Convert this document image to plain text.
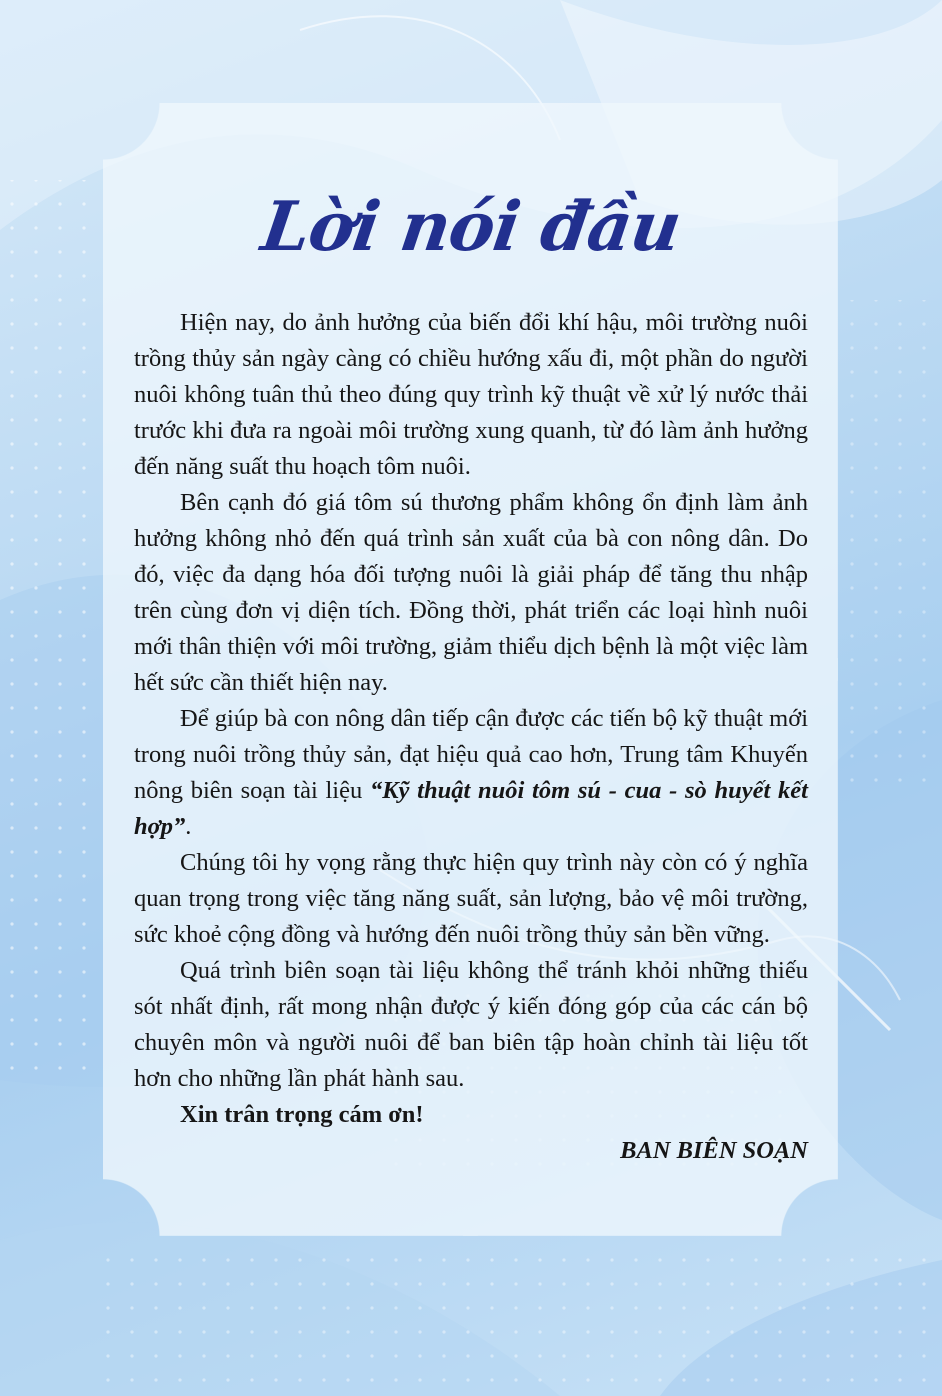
Lời nói đầu

Hiện nay, do ảnh hưởng của biến đổi khí hậu, môi trường nuôi trồng thủy sản ngày càng có chiều hướng xấu đi, một phần do người nuôi không tuân thủ theo đúng quy trình kỹ thuật về xử lý nước thải trước khi đưa ra ngoài môi trường xung quanh, từ đó làm ảnh hưởng đến năng suất thu hoạch tôm nuôi.

Bên cạnh đó giá tôm sú thương phẩm không ổn định làm ảnh hưởng không nhỏ đến quá trình sản xuất của bà con nông dân. Do đó, việc đa dạng hóa đối tượng nuôi là giải pháp để tăng thu nhập trên cùng đơn vị diện tích. Đồng thời, phát triển các loại hình nuôi mới thân thiện với môi trường, giảm thiểu dịch bệnh là một việc làm hết sức cần thiết hiện nay.

Để giúp bà con nông dân tiếp cận được các tiến bộ kỹ thuật mới trong nuôi trồng thủy sản, đạt hiệu quả cao hơn, Trung tâm Khuyến nông biên soạn tài liệu “Kỹ thuật nuôi tôm sú - cua - sò huyết kết hợp”.

Chúng tôi hy vọng rằng thực hiện quy trình này còn có ý nghĩa quan trọng trong việc tăng năng suất, sản lượng, bảo vệ môi trường, sức khoẻ cộng đồng và hướng đến nuôi trồng thủy sản bền vững.

Quá trình biên soạn tài liệu không thể tránh khỏi những thiếu sót nhất định, rất mong nhận được ý kiến đóng góp của các cán bộ chuyên môn và người nuôi để ban biên tập hoàn chỉnh tài liệu tốt hơn cho những lần phát hành sau.

Xin trân trọng cám ơn!

BAN BIÊN SOẠN
